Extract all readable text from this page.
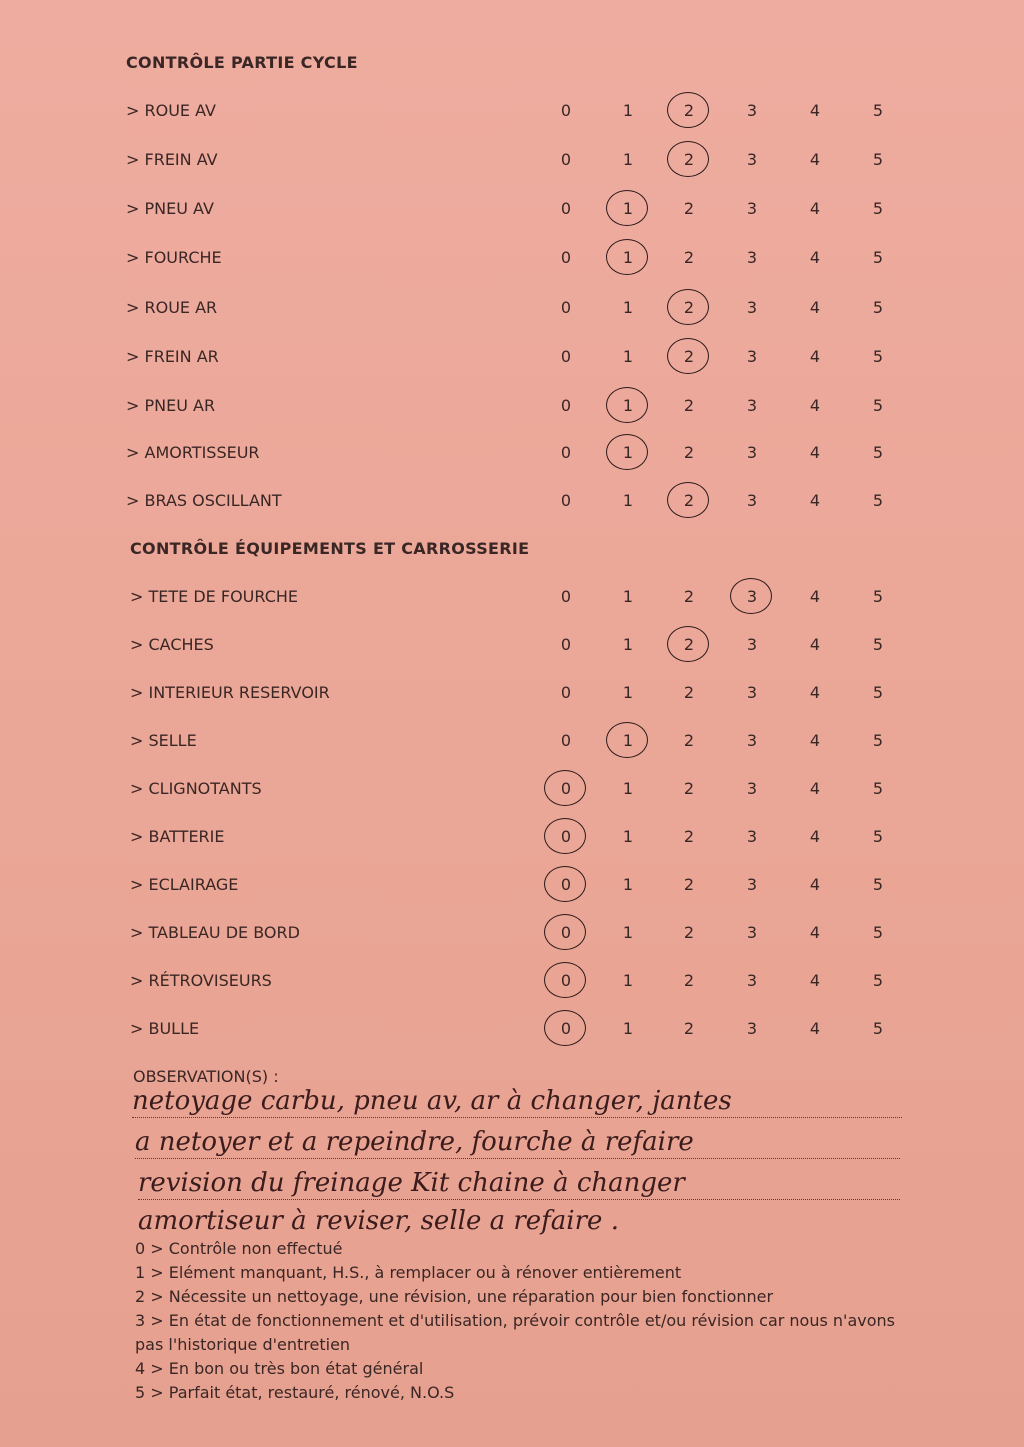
CONTRÔLE PARTIE CYCLE
> ROUE AV	0	1	2	3	4	5
> FREIN AV	0	1	2	3	4	5
> PNEU AV	0	1	2	3	4	5
> FOURCHE	0	1	2	3	4	5
> ROUE AR	0	1	2	3	4	5
> FREIN AR	0	1	2	3	4	5
> PNEU AR	0	1	2	3	4	5
> AMORTISSEUR	0	1	2	3	4	5
> BRAS OSCILLANT	0	1	2	3	4	5
CONTRÔLE ÉQUIPEMENTS ET CARROSSERIE
> TETE DE FOURCHE	0	1	2	3	4	5
> CACHES	0	1	2	3	4	5
> INTERIEUR RESERVOIR	0	1	2	3	4	5
> SELLE	0	1	2	3	4	5
> CLIGNOTANTS	0	1	2	3	4	5
> BATTERIE	0	1	2	3	4	5
> ECLAIRAGE	0	1	2	3	4	5
> TABLEAU DE BORD	0	1	2	3	4	5
> RÉTROVISEURS	0	1	2	3	4	5
> BULLE	0	1	2	3	4	5
OBSERVATION(S) :
netoyage carbu, pneu av, ar à changer, jantes
a netoyer et a repeindre, fourche à refaire
revision du freinage Kit chaine à changer
amortiseur à reviser, selle a refaire .
0 > Contrôle non effectué
1 > Elément manquant, H.S., à remplacer ou à rénover entièrement
2 > Nécessite un nettoyage, une révision, une réparation pour bien fonctionner
3 > En état de fonctionnement et d'utilisation, prévoir contrôle et/ou révision car nous n'avons pas l'historique d'entretien
4 > En bon ou très bon état général
5 > Parfait état, restauré, rénové, N.O.S
